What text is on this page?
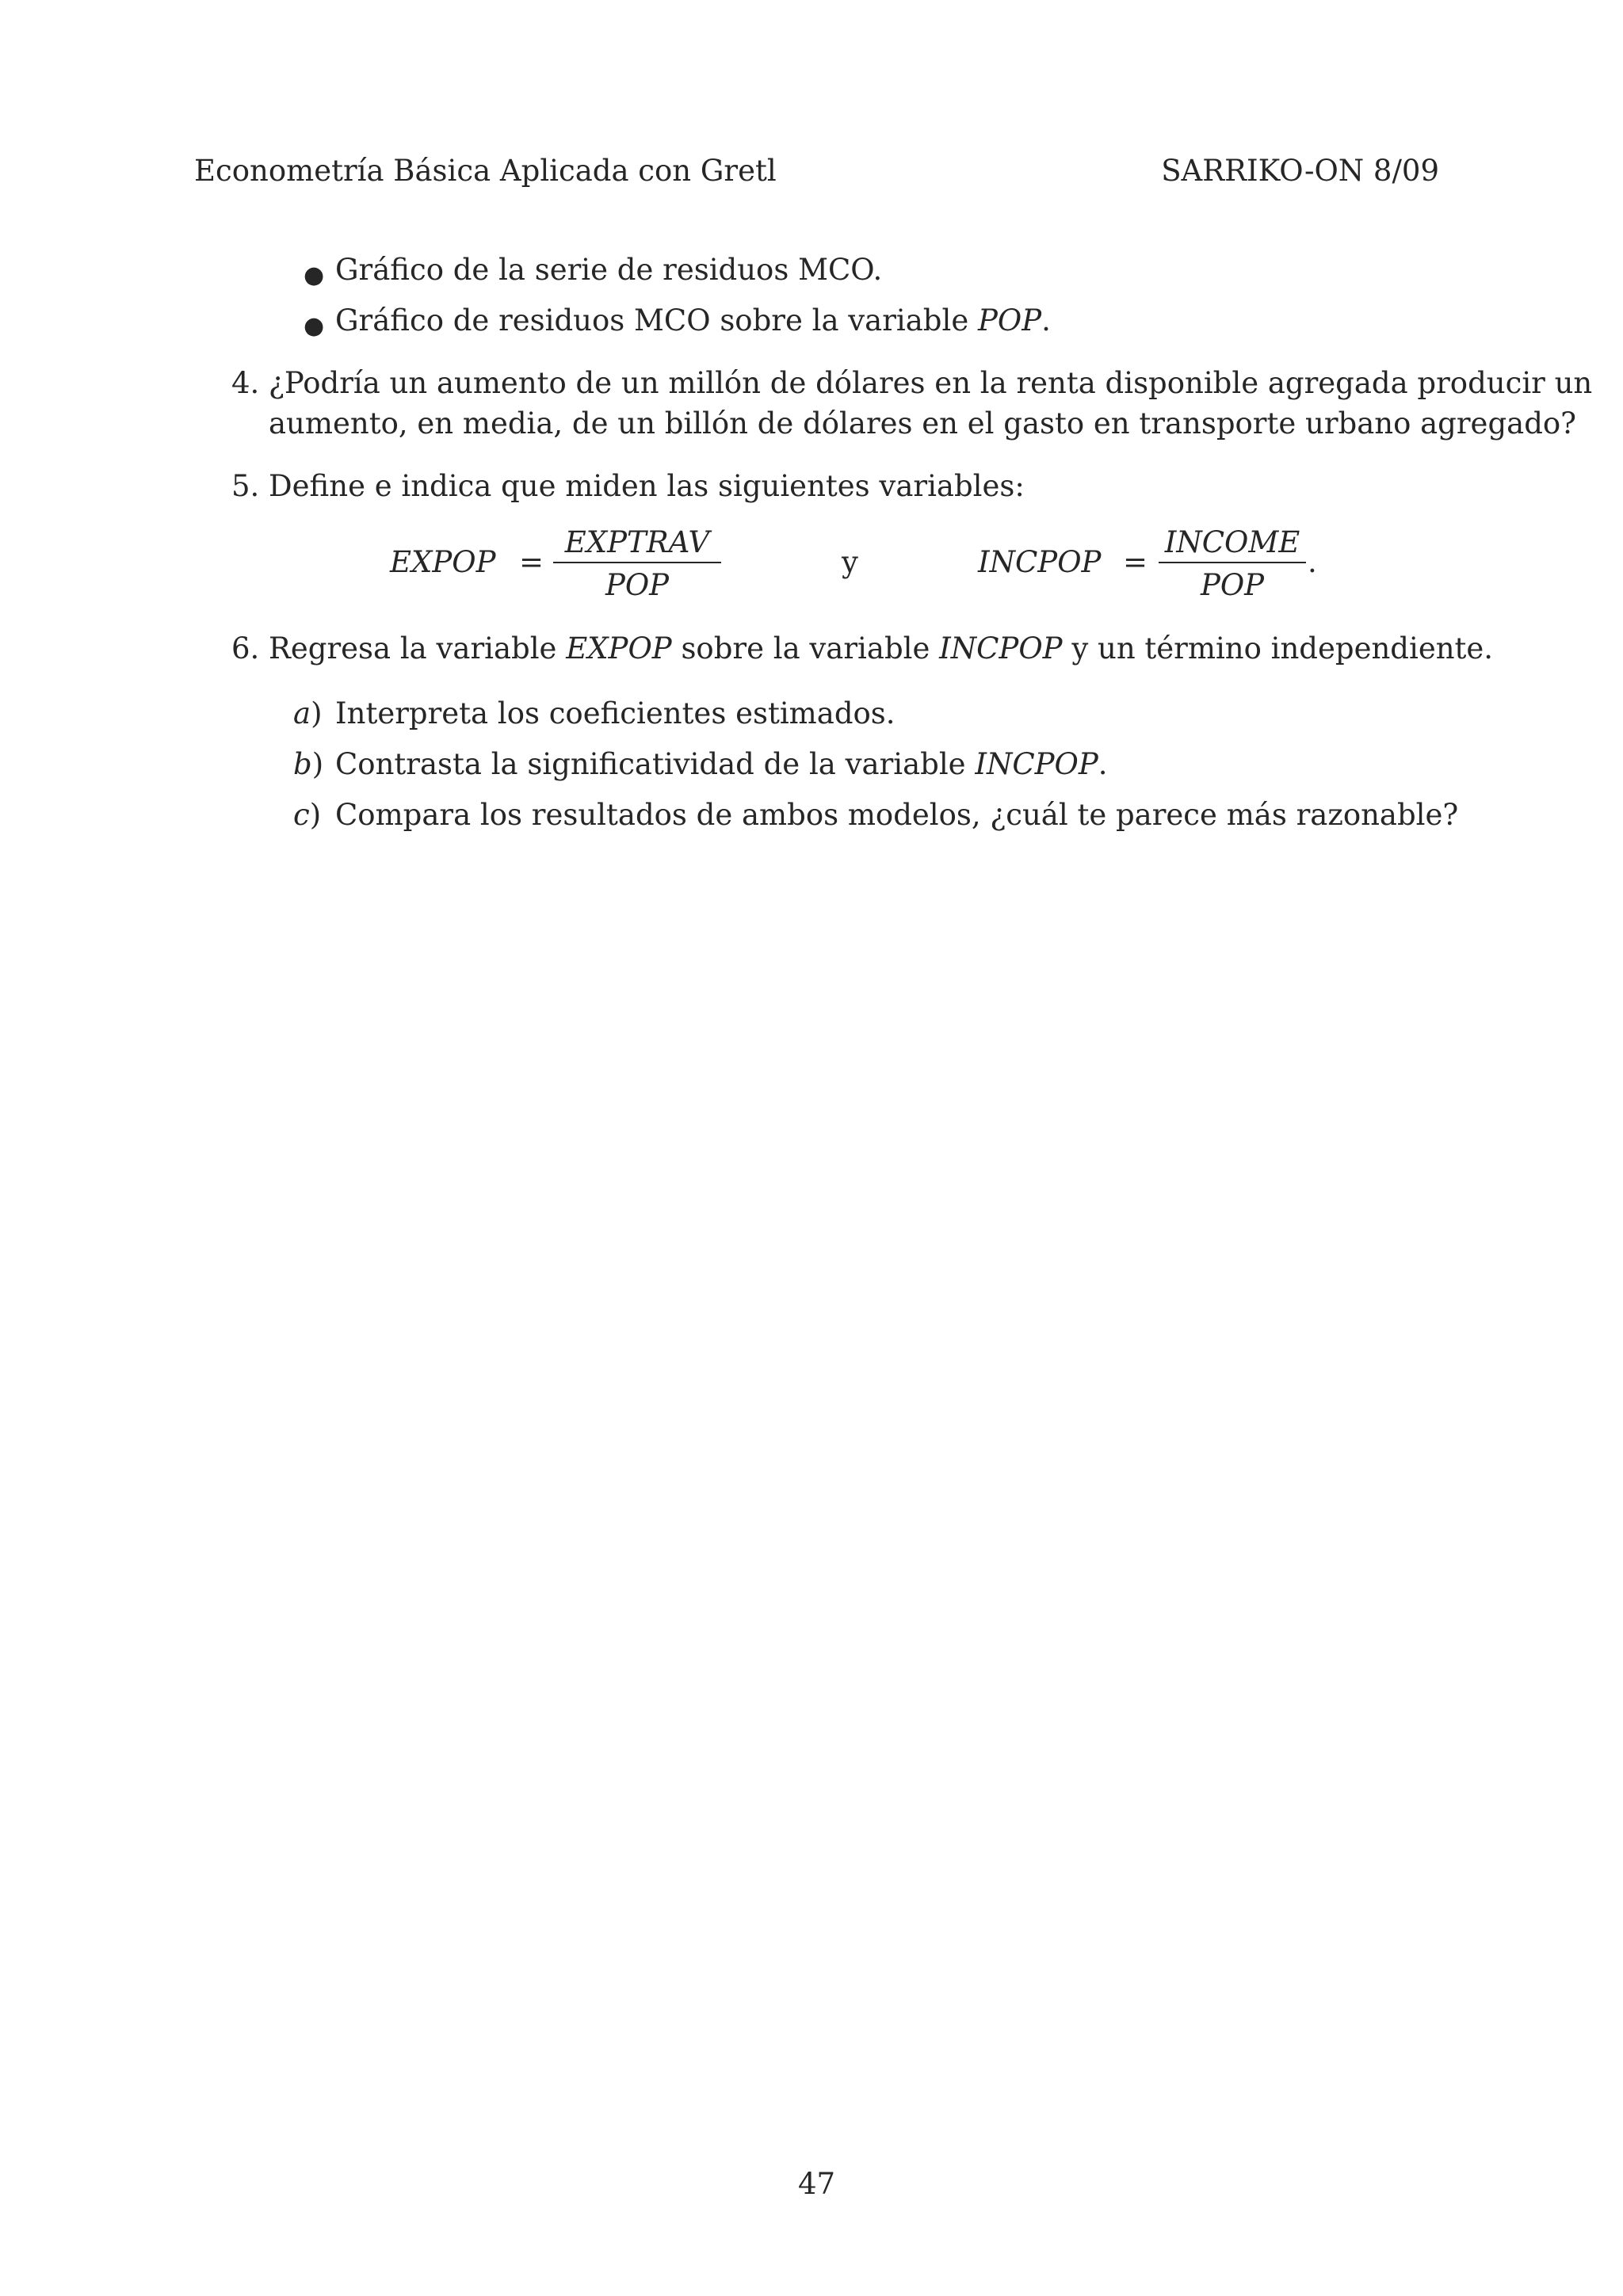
Econometría Básica Aplicada con Gretl	SARRIKO-ON 8/09
● Gráfico de la serie de residuos MCO.
● Gráfico de residuos MCO sobre la variable POP.
4. ¿Podría un aumento de un millón de dólares en la renta disponible agregada producir un
aumento, en media, de un billón de dólares en el gasto en transporte urbano agregado?
5. Define e indica que miden las siguientes variables:
EXPOP =
EXPTRAV
POP
y	INCPOP =
INCOME
POP
.
6. Regresa la variable EXPOP sobre la variable INCPOP y un término independiente.
a) Interpreta los coeficientes estimados.
b) Contrasta la significatividad de la variable INCPOP.
c) Compara los resultados de ambos modelos, ¿cuál te parece más razonable?
47
